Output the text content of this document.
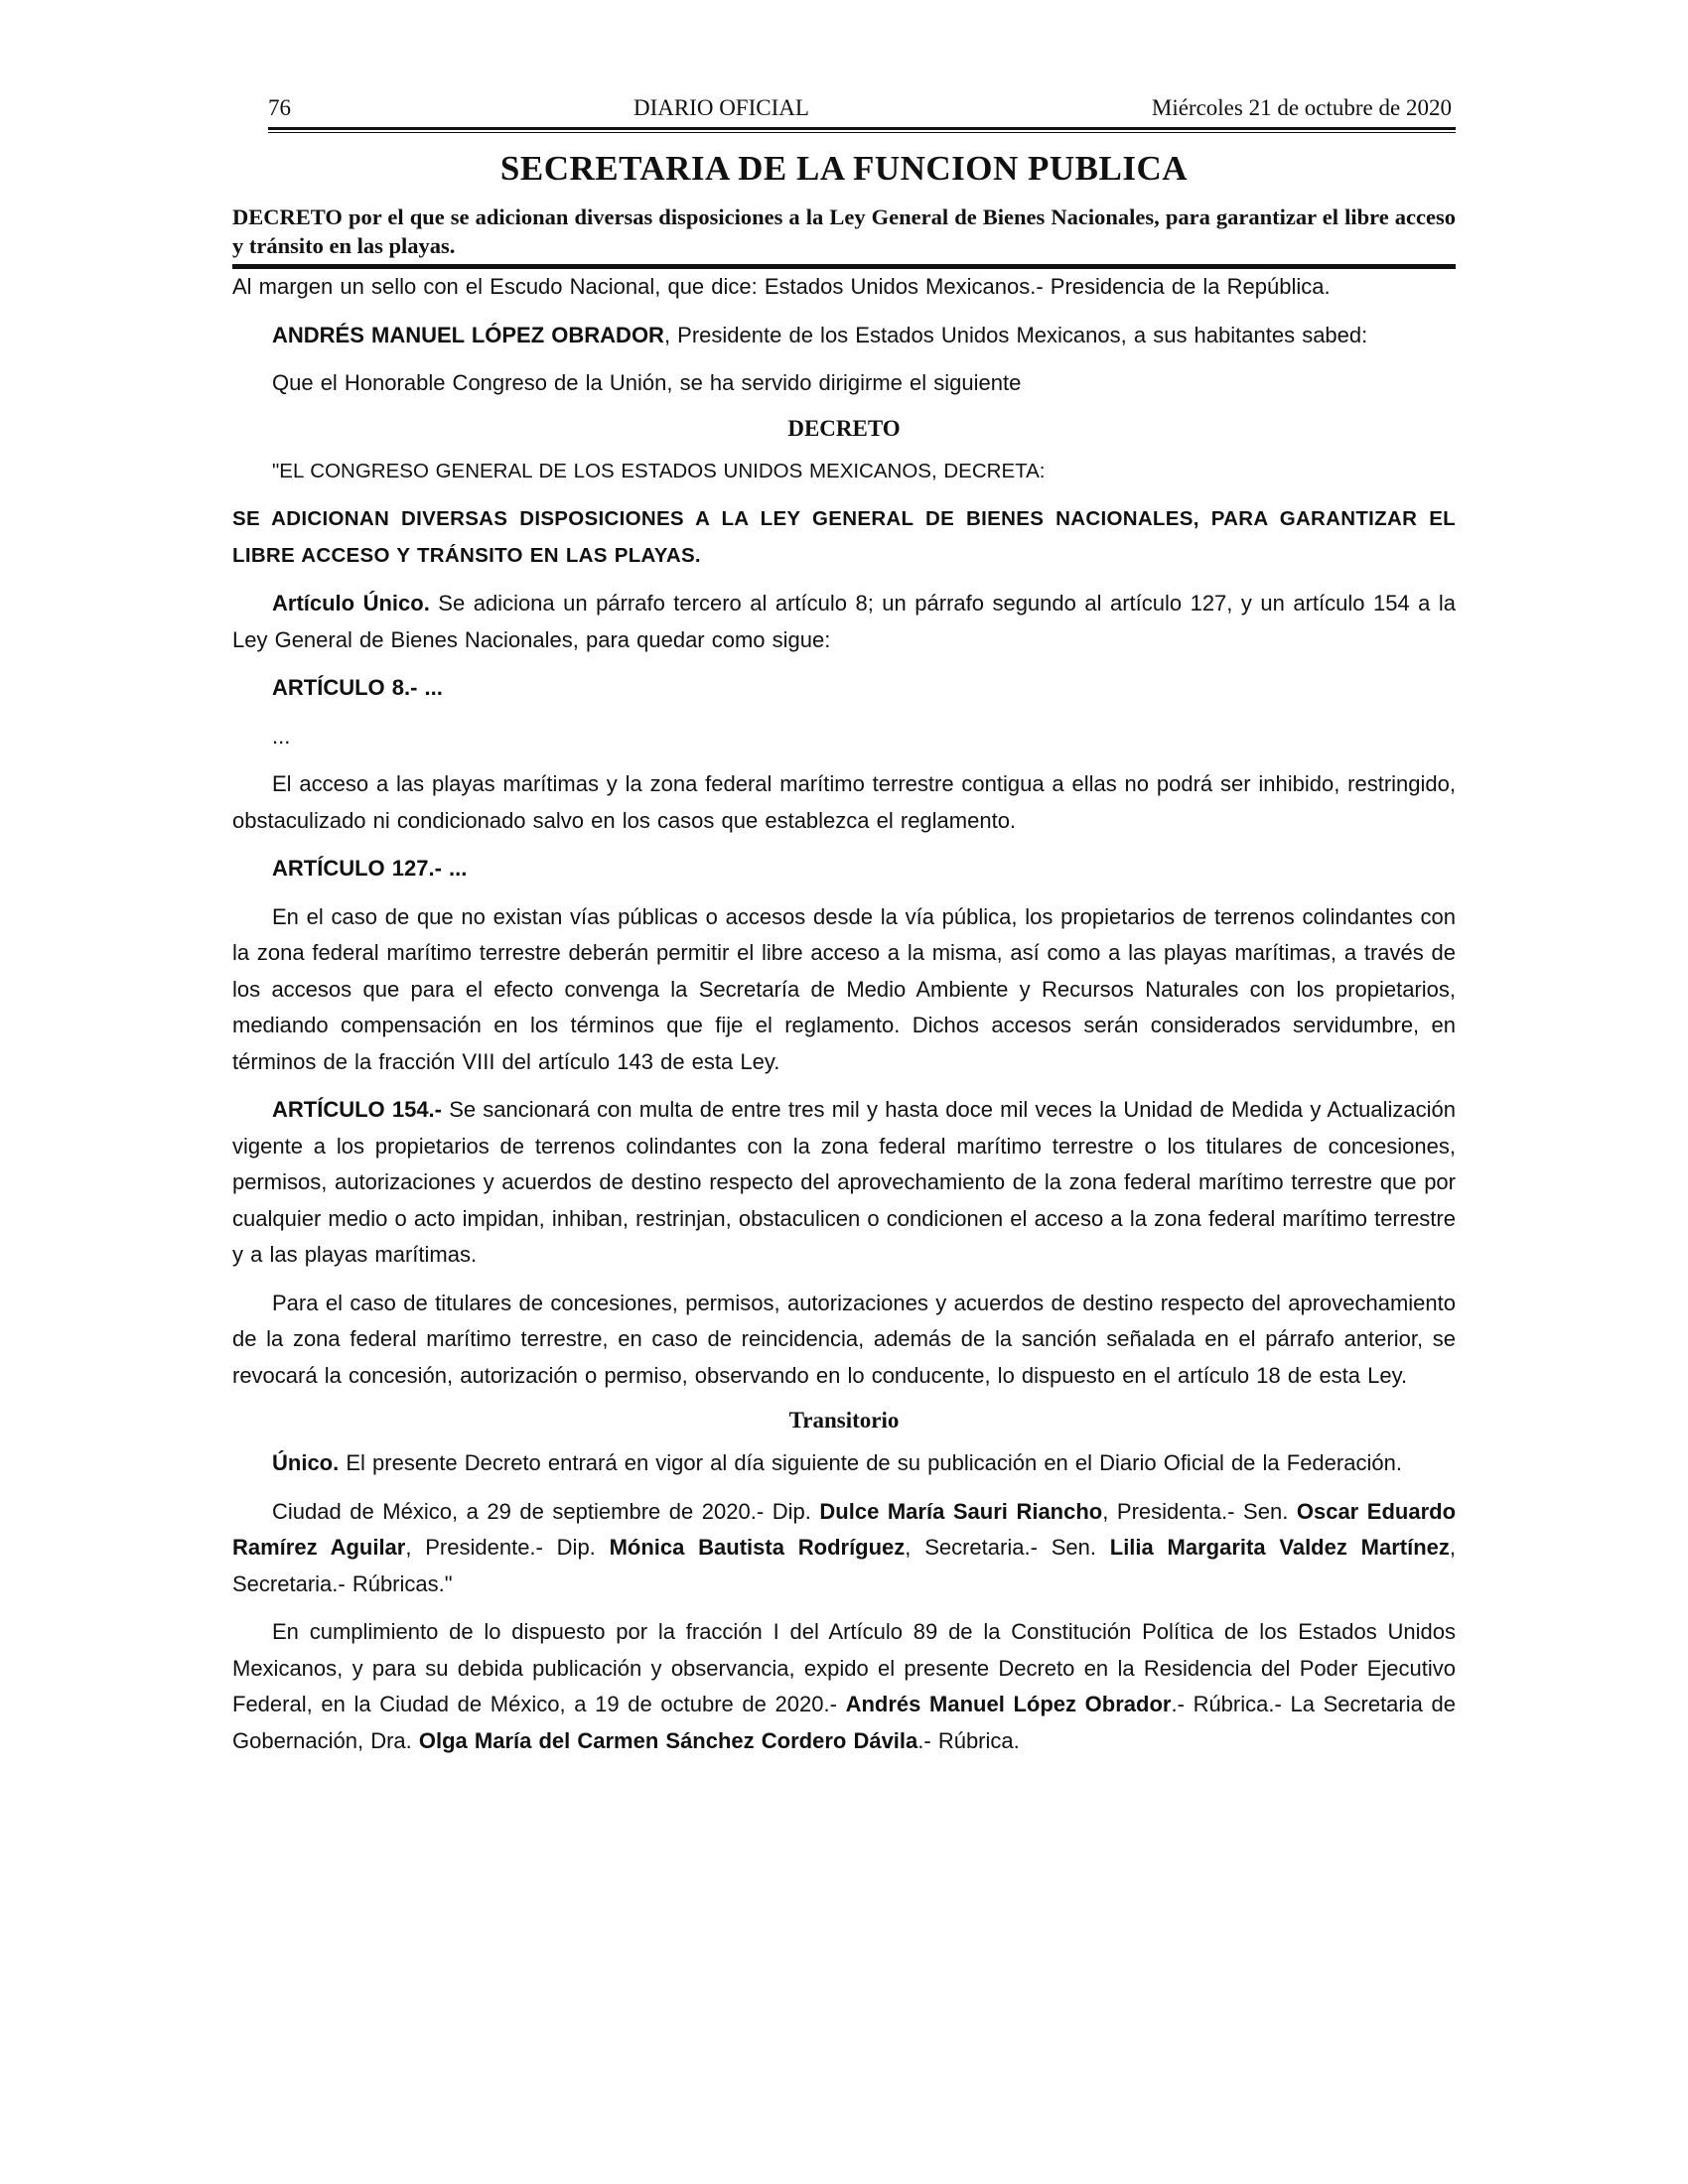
76	DIARIO OFICIAL	Miércoles 21 de octubre de 2020
SECRETARIA DE LA FUNCION PUBLICA

DECRETO por el que se adicionan diversas disposiciones a la Ley General de Bienes Nacionales, para garantizar el libre acceso y tránsito en las playas.

Al margen un sello con el Escudo Nacional, que dice: Estados Unidos Mexicanos.- Presidencia de la República.

ANDRÉS MANUEL LÓPEZ OBRADOR, Presidente de los Estados Unidos Mexicanos, a sus habitantes sabed:

Que el Honorable Congreso de la Unión, se ha servido dirigirme el siguiente

DECRETO

"EL CONGRESO GENERAL DE LOS ESTADOS UNIDOS MEXICANOS, DECRETA:

SE ADICIONAN DIVERSAS DISPOSICIONES A LA LEY GENERAL DE BIENES NACIONALES, PARA GARANTIZAR EL LIBRE ACCESO Y TRÁNSITO EN LAS PLAYAS.

Artículo Único. Se adiciona un párrafo tercero al artículo 8; un párrafo segundo al artículo 127, y un artículo 154 a la Ley General de Bienes Nacionales, para quedar como sigue:

ARTÍCULO 8.- ...

...

El acceso a las playas marítimas y la zona federal marítimo terrestre contigua a ellas no podrá ser inhibido, restringido, obstaculizado ni condicionado salvo en los casos que establezca el reglamento.

ARTÍCULO 127.- ...

En el caso de que no existan vías públicas o accesos desde la vía pública, los propietarios de terrenos colindantes con la zona federal marítimo terrestre deberán permitir el libre acceso a la misma, así como a las playas marítimas, a través de los accesos que para el efecto convenga la Secretaría de Medio Ambiente y Recursos Naturales con los propietarios, mediando compensación en los términos que fije el reglamento. Dichos accesos serán considerados servidumbre, en términos de la fracción VIII del artículo 143 de esta Ley.

ARTÍCULO 154.- Se sancionará con multa de entre tres mil y hasta doce mil veces la Unidad de Medida y Actualización vigente a los propietarios de terrenos colindantes con la zona federal marítimo terrestre o los titulares de concesiones, permisos, autorizaciones y acuerdos de destino respecto del aprovechamiento de la zona federal marítimo terrestre que por cualquier medio o acto impidan, inhiban, restrinjan, obstaculicen o condicionen el acceso a la zona federal marítimo terrestre y a las playas marítimas.

Para el caso de titulares de concesiones, permisos, autorizaciones y acuerdos de destino respecto del aprovechamiento de la zona federal marítimo terrestre, en caso de reincidencia, además de la sanción señalada en el párrafo anterior, se revocará la concesión, autorización o permiso, observando en lo conducente, lo dispuesto en el artículo 18 de esta Ley.

Transitorio

Único. El presente Decreto entrará en vigor al día siguiente de su publicación en el Diario Oficial de la Federación.

Ciudad de México, a 29 de septiembre de 2020.- Dip. Dulce María Sauri Riancho, Presidenta.- Sen. Oscar Eduardo Ramírez Aguilar, Presidente.- Dip. Mónica Bautista Rodríguez, Secretaria.- Sen. Lilia Margarita Valdez Martínez, Secretaria.- Rúbricas."

En cumplimiento de lo dispuesto por la fracción I del Artículo 89 de la Constitución Política de los Estados Unidos Mexicanos, y para su debida publicación y observancia, expido el presente Decreto en la Residencia del Poder Ejecutivo Federal, en la Ciudad de México, a 19 de octubre de 2020.- Andrés Manuel López Obrador.- Rúbrica.- La Secretaria de Gobernación, Dra. Olga María del Carmen Sánchez Cordero Dávila.- Rúbrica.
